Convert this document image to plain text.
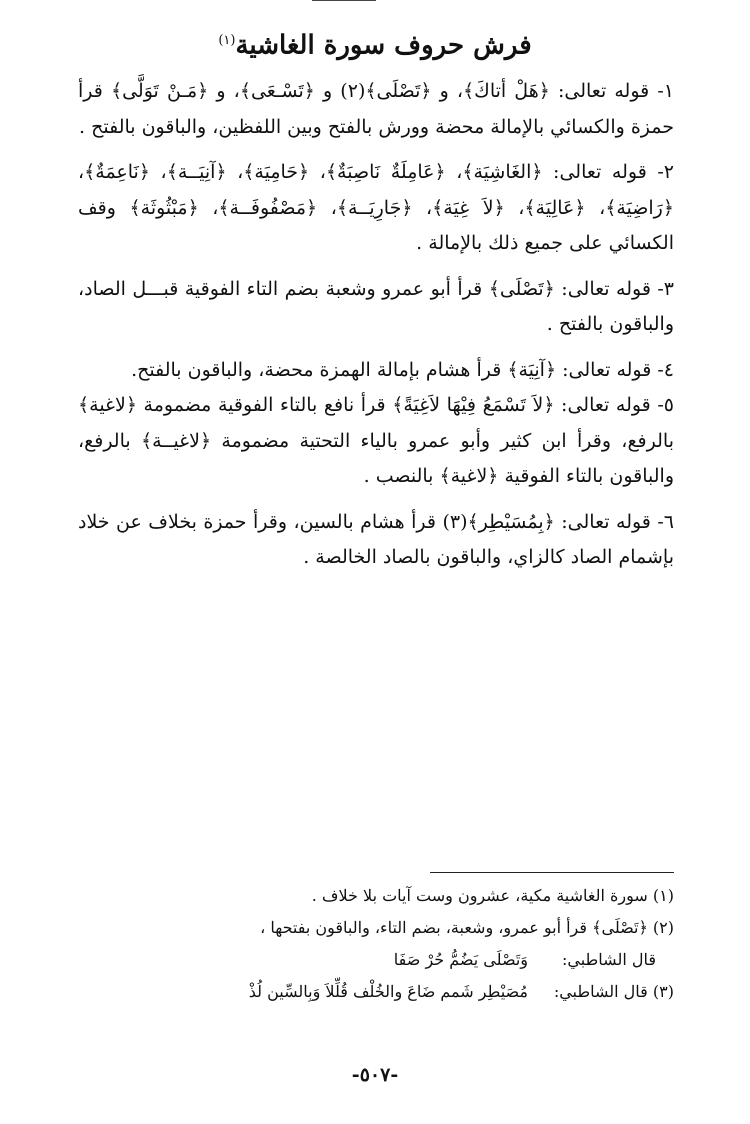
فرش حروف سورة الغاشية$^{(١)}$

١- قوله تعالى: ﴿هَلْ أتاكَ﴾، و ﴿تَصْلَى﴾(٢) و ﴿تَسْـعَى﴾، و ﴿مَـنْ تَوَلَّى﴾ قرأ حمزة والكسائي بالإمالة محضة وورش بالفتح وبين اللفظين، والباقون بالفتح .

٢- قوله تعالى: ﴿الغَاشِيَة﴾، ﴿عَامِلَةٌ نَاصِبَةٌ﴾، ﴿حَامِيَة﴾، ﴿آنِيَــة﴾، ﴿نَاعِمَةٌ﴾، ﴿رَاضِيَة﴾، ﴿عَالِيَة﴾، ﴿لاَ غِيَة﴾، ﴿جَارِيَــة﴾، ﴿مَصْفُوفَــة﴾، ﴿مَبْثُوثَة﴾ وقف الكسائي على جميع ذلك بالإمالة .

٣- قوله تعالى: ﴿تَصْلَى﴾ قرأ أبو عمرو وشعبة بضم التاء الفوقية قبـــل الصاد، والباقون بالفتح .

٤- قوله تعالى: ﴿آنِيَة﴾ قرأ هشام بإمالة الهمزة محضة، والباقون بالفتح.

٥- قوله تعالى: ﴿لاَ تَسْمَعُ فِيْهَا لاَغِيَةً﴾ قرأ نافع بالتاء الفوقية مضمومة ﴿لاغية﴾ بالرفع، وقرأ ابن كثير وأبو عمرو بالياء التحتية مضمومة ﴿لاغيــة﴾ بالرفع، والباقون بالتاء الفوقية ﴿لاغية﴾ بالنصب .

٦- قوله تعالى: ﴿بِمُسَيْطِر﴾(٣) قرأ هشام بالسين، وقرأ حمزة بخلاف عن خلاد بإشمام الصاد كالزاي، والباقون بالصاد الخالصة .

(١) سورة الغاشية مكية، عشرون وست آيات بلا خلاف .

(٢) ﴿تَصْلَى﴾ قرأ أبو عمرو، وشعبة، بضم التاء، والباقون بفتحها ،

قال الشاطبي:
وَتَصْلَى يَضُمُّ حُرْ صَفَا
(٣) قال الشاطبي:
مُصَيْطِر شَمم ضَاعَ والخُلْف قُلِّلاَ وَبِالسِّين لُذْ
-٥٠٧-
